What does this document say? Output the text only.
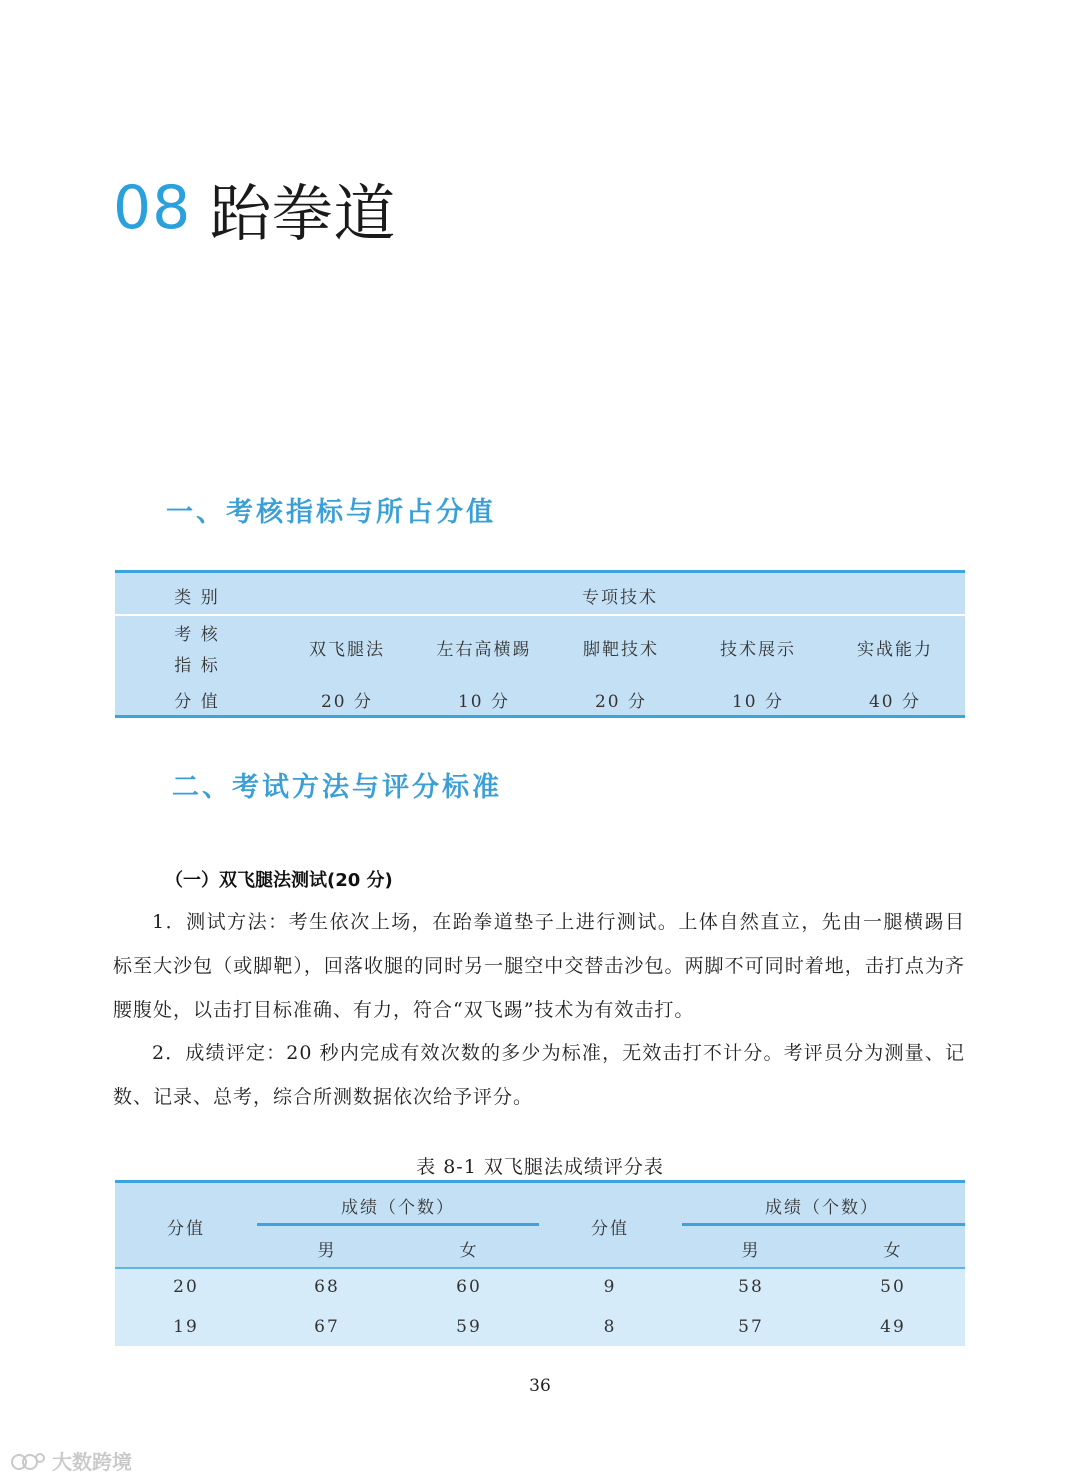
08 跆拳道
一、考核指标与所占分值
类 别	专项技术
考 核
指 标
双飞腿法	左右高横踢	脚靶技术	技术展示	实战能力
分 值	20 分	10 分	20 分	10 分	40 分
二、考试方法与评分标准
（一）双飞腿法测试(20 分)
1．测试方法：考生依次上场，在跆拳道垫子上进行测试。上体自然直立，先由一腿横踢目标至大沙包（或脚靶），回落收腿的同时另一腿空中交替击沙包。两脚不可同时着地，击打点为齐腰腹处，以击打目标准确、有力，符合“双飞踢”技术为有效击打。
2．成绩评定：20 秒内完成有效次数的多少为标准，无效击打不计分。考评员分为测量、记数、记录、总考，综合所测数据依次给予评分。
表 8-1 双飞腿法成绩评分表
分值
成绩（个数）
男	女
分值
成绩（个数）
男	女
20	68	60	9	58	50
19	67	59	8	57	49
36
大数跨境
